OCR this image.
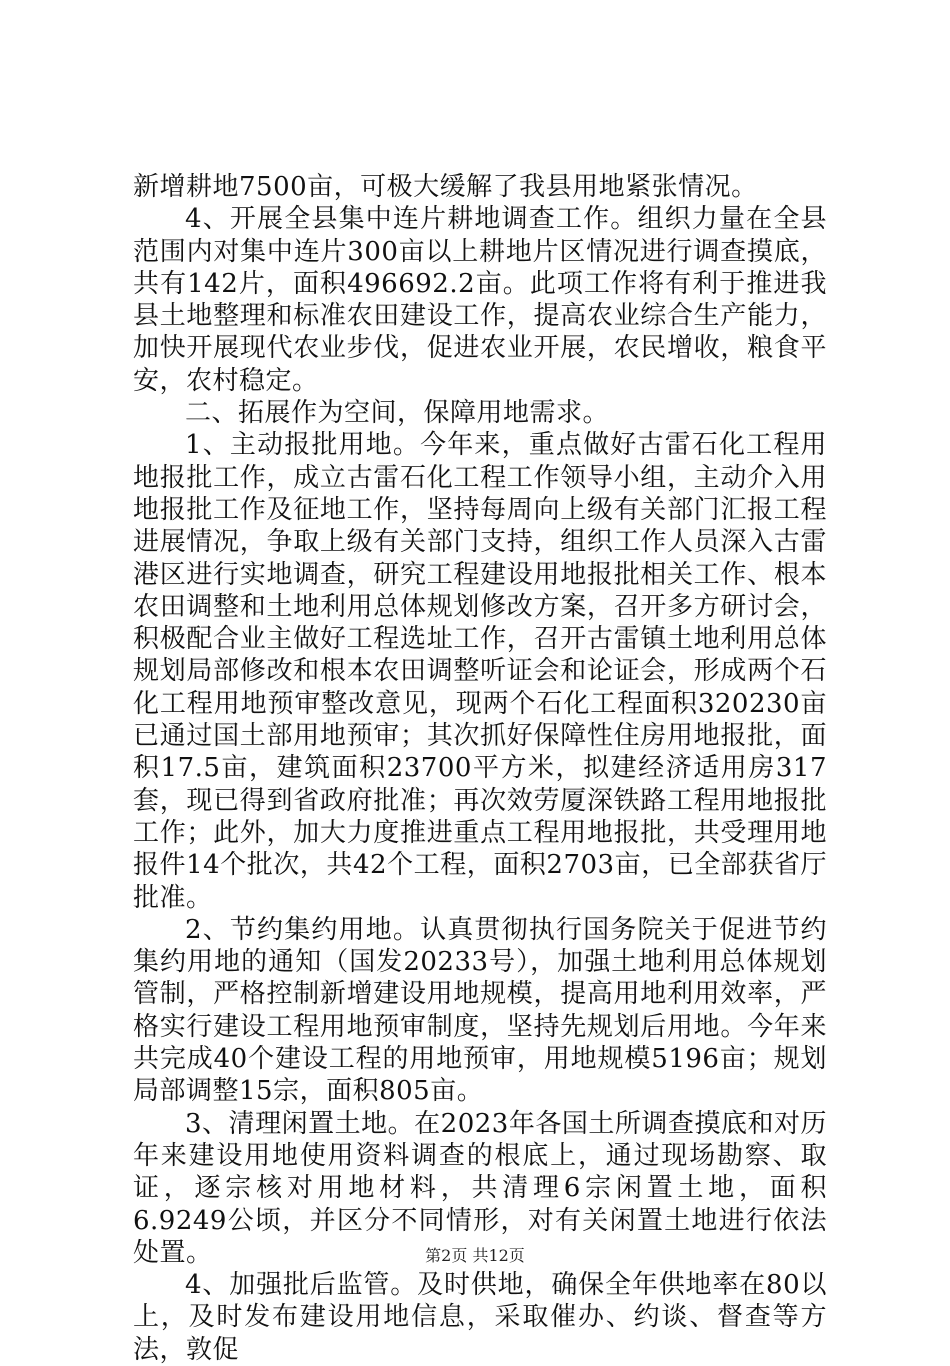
新增耕地7500亩，可极大缓解了我县用地紧张情况。

4、开展全县集中连片耕地调查工作。组织力量在全县范围内对集中连片300亩以上耕地片区情况进行调查摸底，共有142片，面积496692.2亩。此项工作将有利于推进我县土地整理和标准农田建设工作，提高农业综合生产能力，加快开展现代农业步伐，促进农业开展，农民增收，粮食平安，农村稳定。

二、拓展作为空间，保障用地需求。

1、主动报批用地。今年来，重点做好古雷石化工程用地报批工作，成立古雷石化工程工作领导小组，主动介入用地报批工作及征地工作，坚持每周向上级有关部门汇报工程进展情况，争取上级有关部门支持，组织工作人员深入古雷港区进行实地调查，研究工程建设用地报批相关工作、根本农田调整和土地利用总体规划修改方案，召开多方研讨会，积极配合业主做好工程选址工作，召开古雷镇土地利用总体规划局部修改和根本农田调整听证会和论证会，形成两个石化工程用地预审整改意见，现两个石化工程面积320230亩已通过国土部用地预审；其次抓好保障性住房用地报批，面积17.5亩，建筑面积23700平方米，拟建经济适用房317套，现已得到省政府批准；再次效劳厦深铁路工程用地报批工作；此外，加大力度推进重点工程用地报批，共受理用地报件14个批次，共42个工程，面积2703亩，已全部获省厅批准。

2、节约集约用地。认真贯彻执行国务院关于促进节约集约用地的通知（国发20233号），加强土地利用总体规划管制，严格控制新增建设用地规模，提高用地利用效率，严格实行建设工程用地预审制度，坚持先规划后用地。今年来共完成40个建设工程的用地预审，用地规模5196亩；规划局部调整15宗，面积805亩。

3、清理闲置土地。在2023年各国土所调查摸底和对历年来建设用地使用资料调查的根底上，通过现场勘察、取证，逐宗核对用地材料，共清理6宗闲置土地，面积6.9249公顷，并区分不同情形，对有关闲置土地进行依法处置。

4、加强批后监管。及时供地，确保全年供地率在80以上，及时发布建设用地信息，采取催办、约谈、督查等方法，敦促

第2页 共12页
